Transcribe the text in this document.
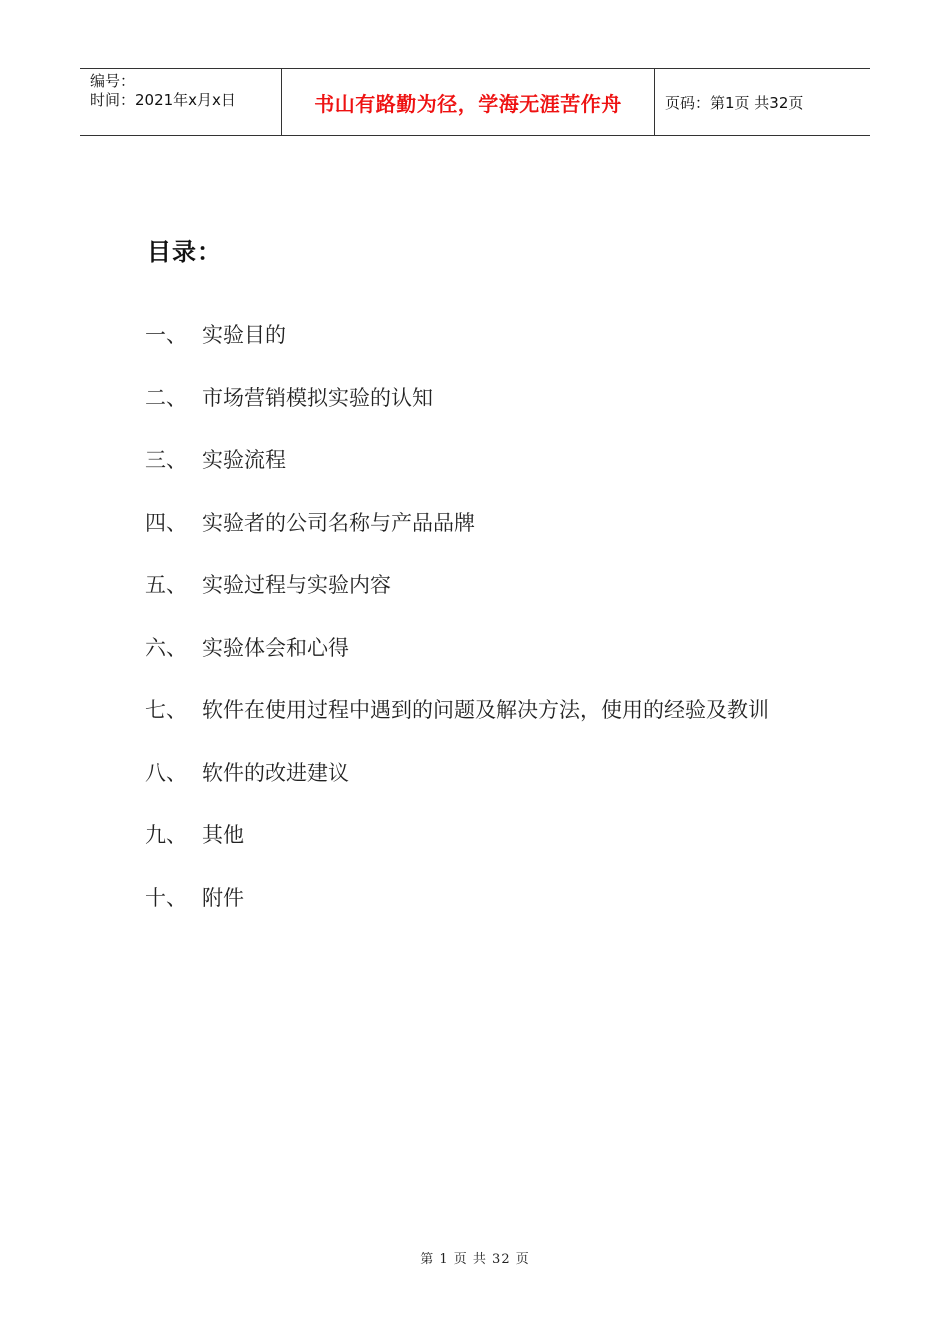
编号：
时间：2021年x月x日	书山有路勤为径，学海无涯苦作舟	页码：第1页 共32页
目录：
一、 实验目的
二、 市场营销模拟实验的认知
三、 实验流程
四、 实验者的公司名称与产品品牌
五、 实验过程与实验内容
六、 实验体会和心得
七、 软件在使用过程中遇到的问题及解决方法，使用的经验及教训
八、 软件的改进建议
九、 其他
十、 附件
第 1 页 共 32 页
